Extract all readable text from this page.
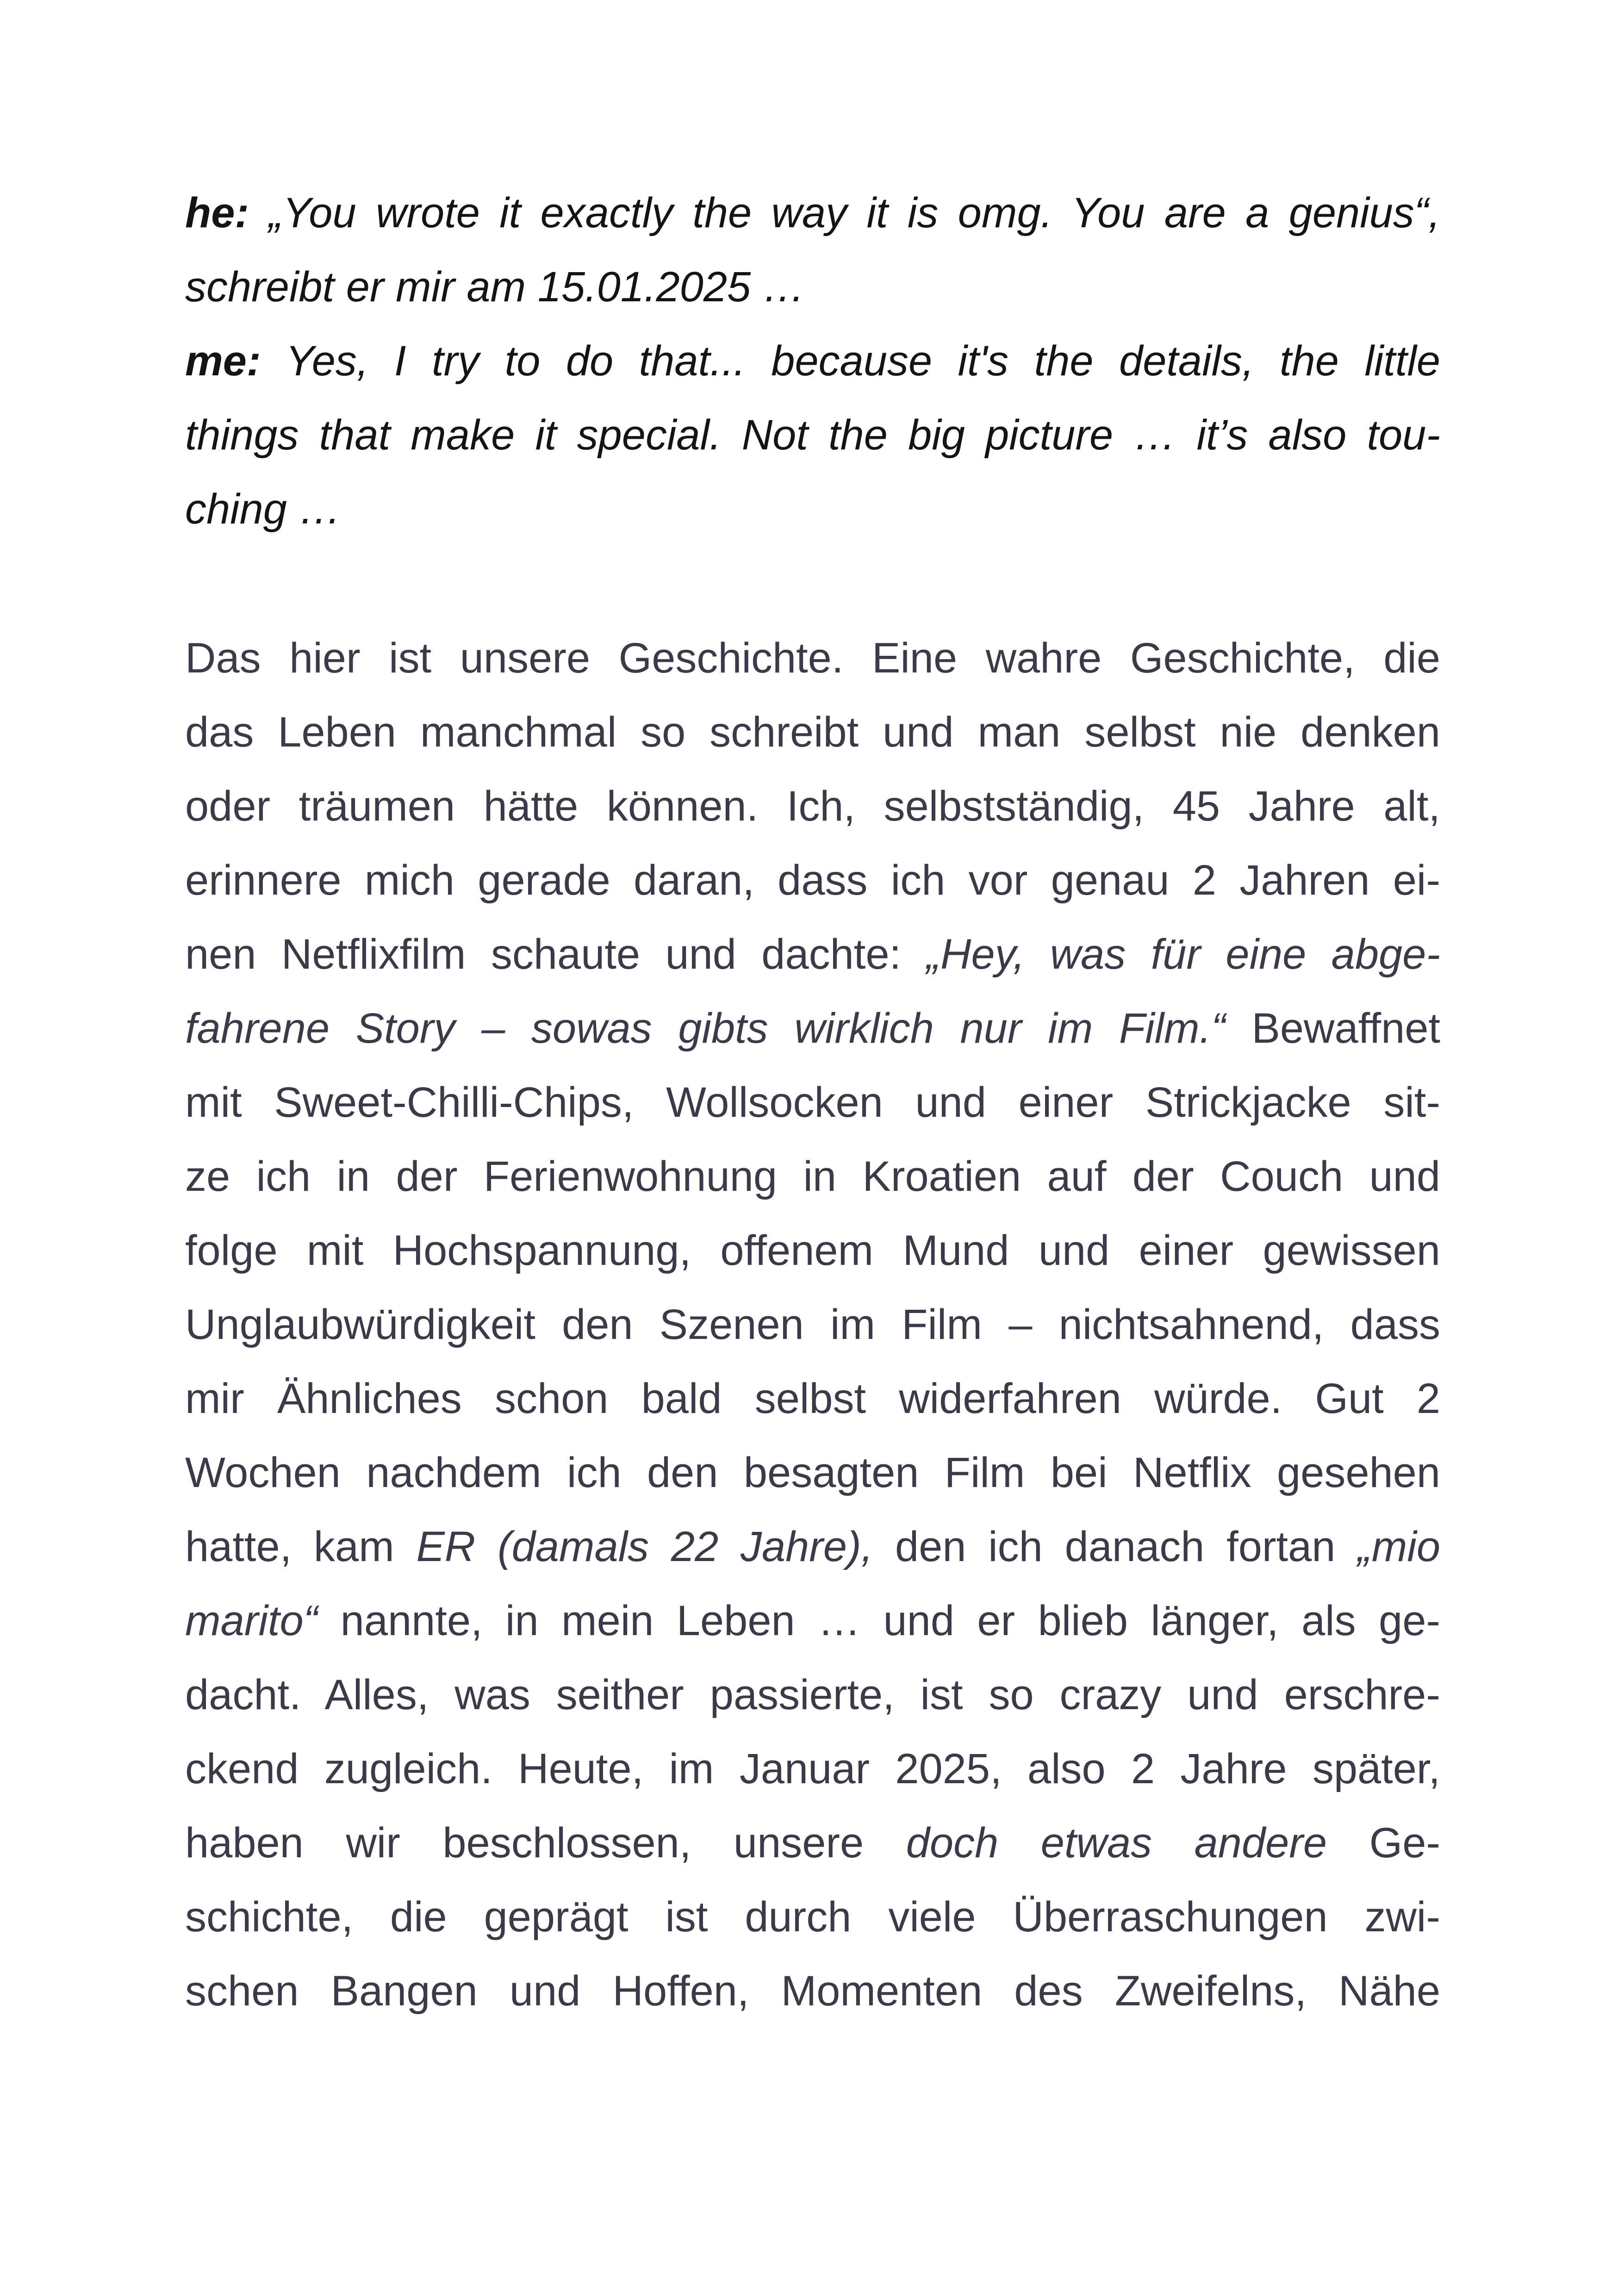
he: „You wrote it exactly the way it is omg. You are a genius“,
schreibt er mir am 15.01.2025 …
me: Yes, I try to do that... because it's the details, the little
things that make it special. Not the big picture … it’s also tou-
ching …
Das hier ist unsere Geschichte. Eine wahre Geschichte, die
das Leben manchmal so schreibt und man selbst nie denken
oder träumen hätte können. Ich, selbstständig, 45 Jahre alt,
erinnere mich gerade daran, dass ich vor genau 2 Jahren ei-
nen Netflixfilm schaute und dachte: „Hey, was für eine abge-
fahrene Story – sowas gibts wirklich nur im Film.“ Bewaffnet
mit Sweet-Chilli-Chips, Wollsocken und einer Strickjacke sit-
ze ich in der Ferienwohnung in Kroatien auf der Couch und
folge mit Hochspannung, offenem Mund und einer gewissen
Unglaubwürdigkeit den Szenen im Film – nichtsahnend, dass
mir Ähnliches schon bald selbst widerfahren würde. Gut 2
Wochen nachdem ich den besagten Film bei Netflix gesehen
hatte, kam ER (damals 22 Jahre), den ich danach fortan „mio
marito“ nannte, in mein Leben … und er blieb länger, als ge-
dacht. Alles, was seither passierte, ist so crazy und erschre-
ckend zugleich. Heute, im Januar 2025, also 2 Jahre später,
haben wir beschlossen, unsere doch etwas andere Ge-
schichte, die geprägt ist durch viele Überraschungen zwi-
schen Bangen und Hoffen, Momenten des Zweifelns, Nähe
